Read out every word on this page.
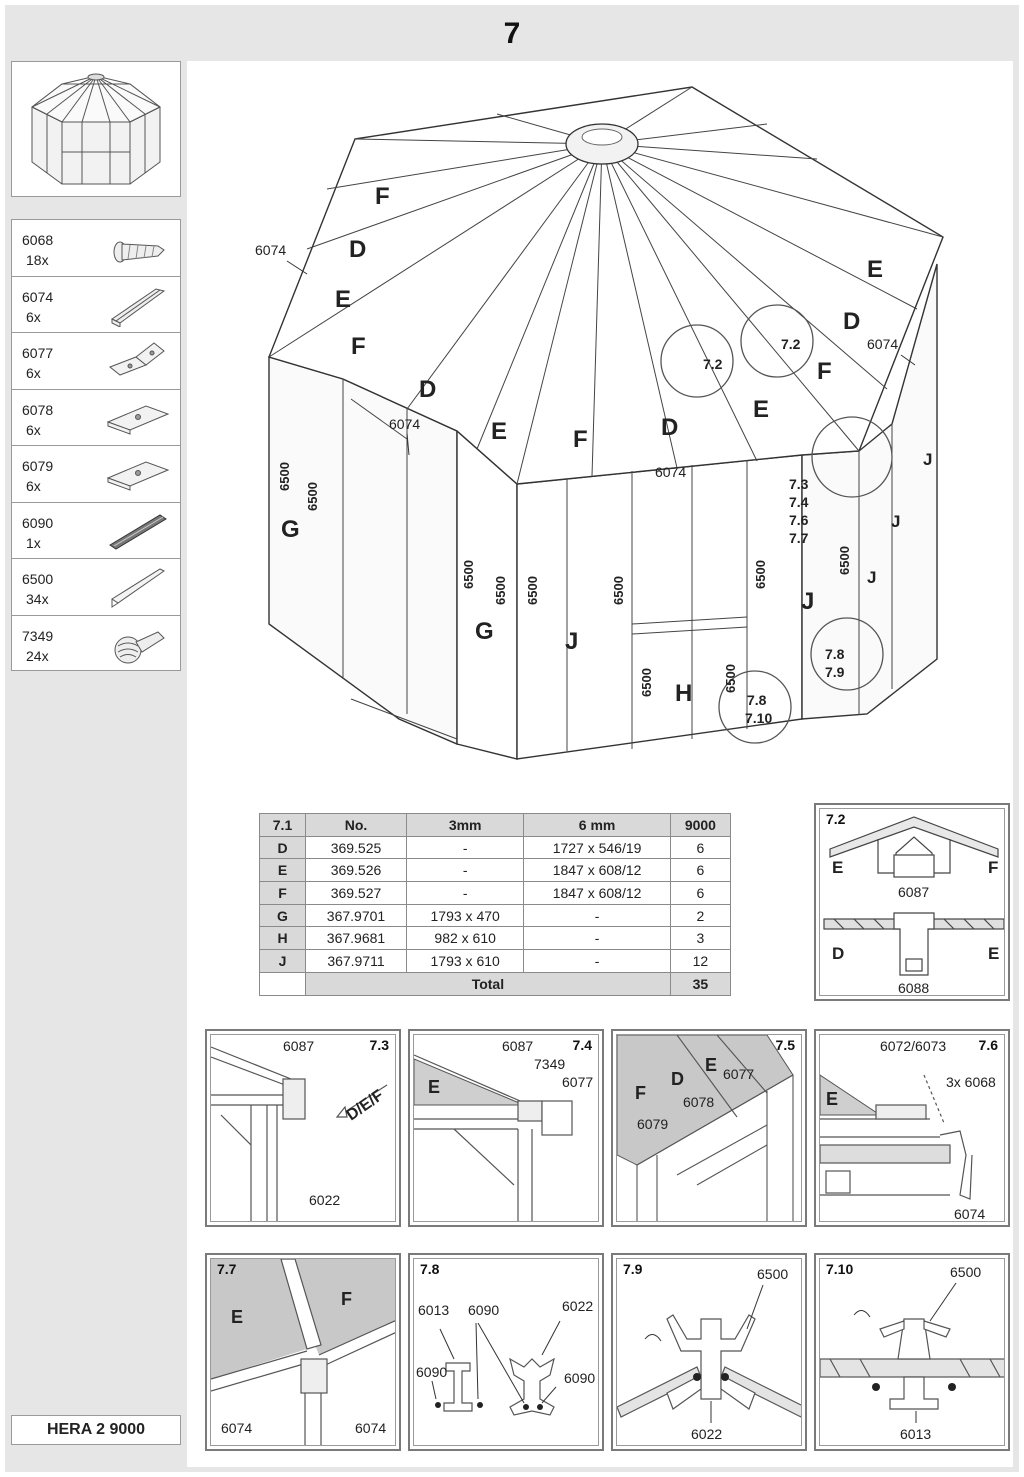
7
6068
18x
6074
6x
6077
6x
6078
6x
6079
6x
6090
1x
6500
34x
7349
24x
HERA 2 9000
F
D
E
F
D
E	F	D
E
F
D
E
G
G	J
H
J
J
J
J
6074
6074
6074
6074
6500
6500
6500
6500 6500	6500
6500	6500
6500	6500
7.2
7.2
7.3
7.4
7.6
7.7
7.8
7.9
7.8
7.10
7.1	No.	3mm	6 mm	9000
D	369.525	-	1727 x 546/19	6
E	369.526	-	1847 x 608/12	6
F	369.527	-	1847 x 608/12	6
G	367.9701	1793 x 470	-	2
H	367.9681	982 x 610	-	3
J	367.9711	1793 x 610	-	12
	Total			35
E	F
D	E
6087
6088
7.2
6087
6022
D/E/F
7.3	6087
7349
6077
E
7.4
E
D
F
6077
6078
6079
7.5	6072/6073
3x 6068
6074
E
7.6
E
F
6074	6074
7.7
6013 6090	6022
6090
6090
7.8	6500
6022
7.9	6500
6013
7.10
